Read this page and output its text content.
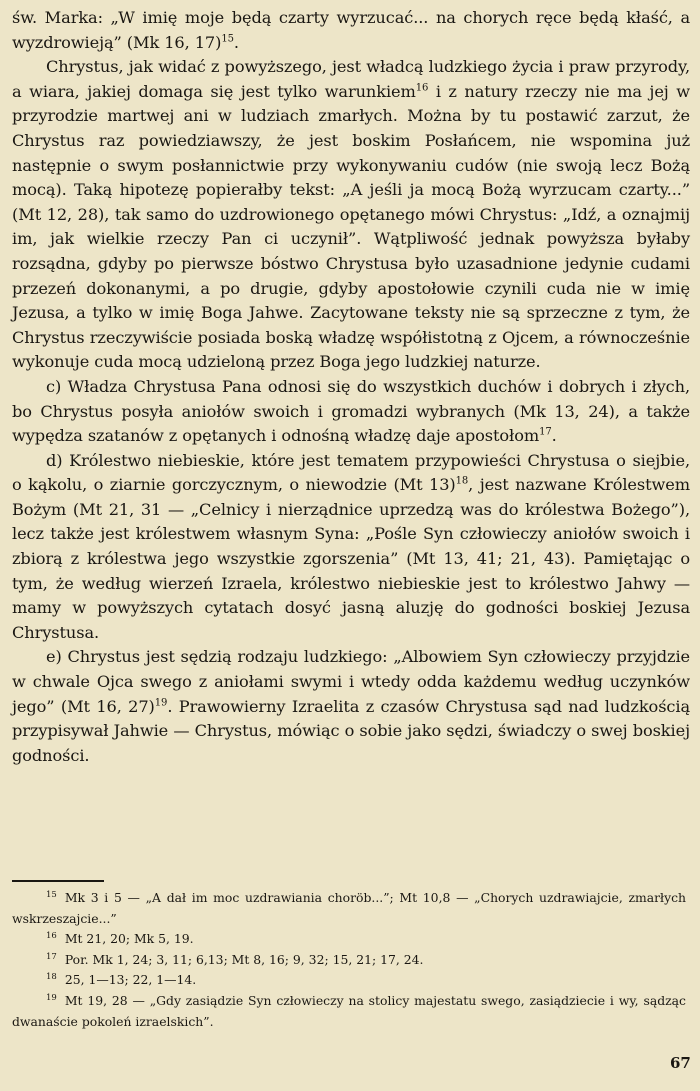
św. Marka: „W imię moje będą czarty wyrzucać... na chorych ręce będą kłaść, a wyzdrowieją” (Mk 16, 17)$^{15}$.

Chrystus, jak widać z powyższego, jest władcą ludzkiego życia i praw przyrody, a wiara, jakiej domaga się jest tylko warunkiem$^{16}$ i z natury rzeczy nie ma jej w przyrodzie martwej ani w ludziach zmarłych. Można by tu postawić zarzut, że Chrystus raz powiedziawszy, że jest boskim Posłańcem, nie wspomina już następnie o swym posłannictwie przy wykonywaniu cudów (nie swoją lecz Bożą mocą). Taką hipotezę popierałby tekst: „A jeśli ja mocą Bożą wyrzucam czarty...” (Mt 12, 28), tak samo do uzdrowionego opętanego mówi Chrystus: „Idź, a oznajmij im, jak wielkie rzeczy Pan ci uczynił”. Wątpliwość jednak powyższa byłaby rozsądna, gdyby po pierwsze bóstwo Chrystusa było uzasadnione jedynie cudami przezeń dokonanymi, a po drugie, gdyby apostołowie czynili cuda nie w imię Jezusa, a tylko w imię Boga Jahwe. Zacytowane teksty nie są sprzeczne z tym, że Chrystus rzeczywiście posiada boską władzę współistotną z Ojcem, a równocześnie wykonuje cuda mocą udzieloną przez Boga jego ludzkiej naturze.

c) Władza Chrystusa Pana odnosi się do wszystkich duchów i dobrych i złych, bo Chrystus posyła aniołów swoich i gromadzi wybranych (Mk 13, 24), a także wypędza szatanów z opętanych i odnośną władzę daje apostołom$^{17}$.

d) Królestwo niebieskie, które jest tematem przypowieści Chrystusa o siejbie, o kąkolu, o ziarnie gorczycznym, o niewodzie (Mt 13)$^{18}$, jest nazwane Królestwem Bożym (Mt 21, 31 — „Celnicy i nierządnice uprzedzą was do królestwa Bożego”), lecz także jest królestwem własnym Syna: „Pośle Syn człowieczy aniołów swoich i zbiorą z królestwa jego wszystkie zgorszenia” (Mt 13, 41; 21, 43). Pamiętając o tym, że według wierzeń Izraela, królestwo niebieskie jest to królestwo Jahwy — mamy w powyższych cytatach dosyć jasną aluzję do godności boskiej Jezusa Chrystusa.

e) Chrystus jest sędzią rodzaju ludzkiego: „Albowiem Syn człowieczy przyjdzie w chwale Ojca swego z aniołami swymi i wtedy odda każdemu według uczynków jego” (Mt 16, 27)$^{19}$. Prawowierny Izraelita z czasów Chrystusa sąd nad ludzkością przypisywał Jahwie — Chrystus, mówiąc o sobie jako sędzi, świadczy o swej boskiej godności.

$^{15}$ Mk 3 i 5 — „A dał im moc uzdrawiania choröb...”; Mt 10,8 — „Chorych uzdrawiajcie, zmarłych wskrzeszajcie...”

$^{16}$ Mt 21, 20; Mk 5, 19.

$^{17}$ Por. Mk 1, 24; 3, 11; 6,13; Mt 8, 16; 9, 32; 15, 21; 17, 24.

$^{18}$ 25, 1—13; 22, 1—14.

$^{19}$ Mt 19, 28 — „Gdy zasiądzie Syn człowieczy na stolicy majestatu swego, zasiądziecie i wy, sądząc dwanaście pokoleń izraelskich”.

67
